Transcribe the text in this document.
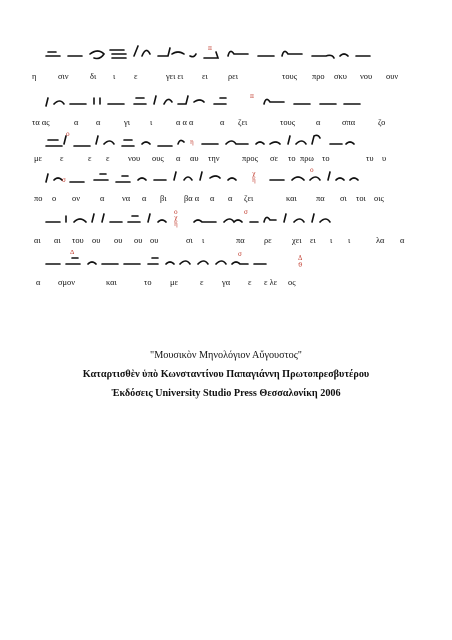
π
η	σιν	δι ι ε	γει ει ει ρει	τους προ σκυ νου ουν
π
τα ας	α α	γι ι	α α α	α ζει	τους α	σπα	ζο
ο
η
με ε	ε ε νου ους α αυ την	προς σε το πρω το	τυ υ
σ
χ
η
ο
πο ο ον α να α βι βα α α α ζει	και πα σι τοι οις
ο
χ
η
σ
αι αι του ου ου ου ου	σι ι	πα ρε χει ει ι ι	λα α
Δ	σ
Δ
ϑ
α σμον	και	το με	ε γα ε ε λε ος
"Μουσικὸν Μηνολόγιον Αὔγουστος"
Καταρτισθὲν ὑπὸ Κωνσταντίνου Παπαγιάννη Πρωτοπρεσβυτέρου
Ἐκδόσεις University Studio Press Θεσσαλονίκη 2006
